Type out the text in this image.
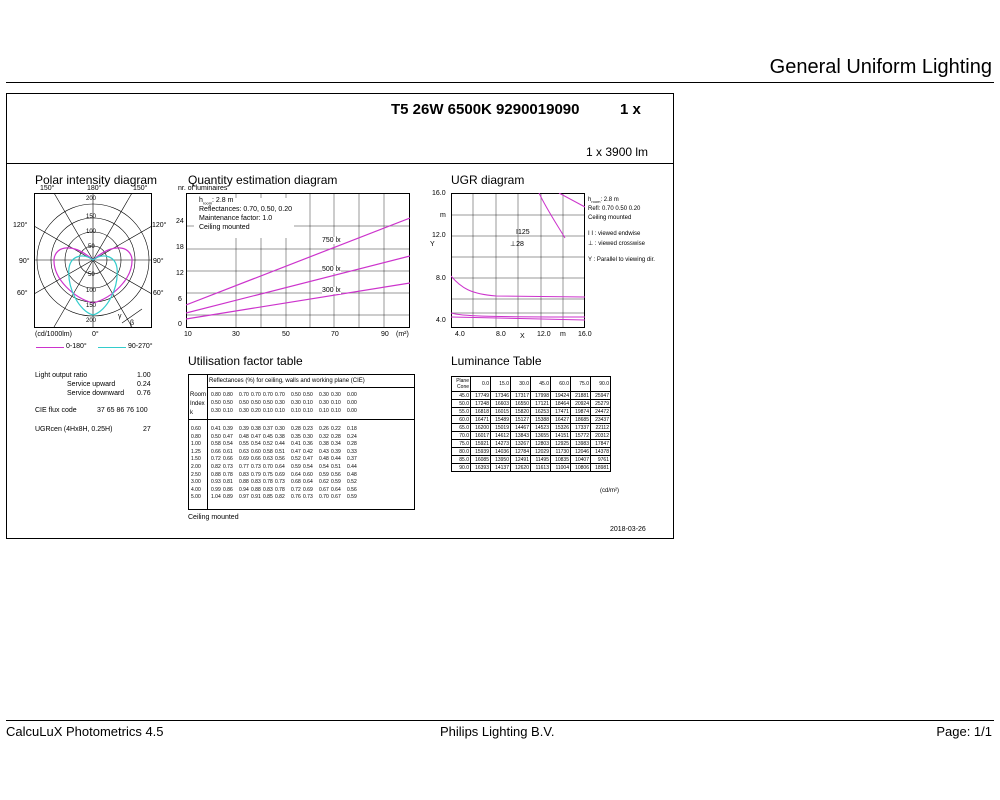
General Uniform Lighting
T5 26W 6500K 9290019090	1 x
1 x 3900 lm
Polar intensity diagram
150°	180°	150°
120°
90°
60°
120°
90°
60°
200
150
100
50
50
100
150
200
γ
β
(cd/1000lm)	0°
0-180°	90-270°
Quantity estimation diagram
nr. of luminaires
$h_{room}$: 2.8 m
Reflectances: 0.70, 0.50, 0.20
Maintenance factor: 1.0
Ceiling mounted
24
18
12
6
0
10	30	50	70	90 (m²)
750 lx
500 lx
300 lx
UGR diagram
16.0
m
12.0
Y
8.0
4.0
4.0	8.0 X 12.0 m 16.0
I125
⊥28
$h_{room}$: 2.8 m
Refl: 0.70 0.50 0.20
Ceiling mounted
I I : viewed endwise
⊥ : viewed crosswise
Y : Parallel to viewing dir.
Light output ratio	1.00
Service upward	0.24
Service downward 0.76
CIE flux code	37 65 86 76 100
UGRcen (4Hx8H, 0.25H)	27
Utilisation factor table
Reflectances (%) for ceiling, walls and working plane (CIE)
Room
Index
k
0.80 0.80 0.70 0.70 0.70 0.70 0.50 0.50 0.30 0.30 0.00
0.50 0.50 0.50 0.50 0.50 0.30 0.30 0.10 0.30 0.10 0.00
0.30 0.10 0.30 0.20 0.10 0.10 0.10 0.10 0.10 0.10 0.00
0.60 0.41 0.39 0.39 0.38 0.37 0.30 0.28 0.23 0.26 0.22 0.18
0.80 0.50 0.47 0.48 0.47 0.45 0.38 0.35 0.30 0.32 0.28 0.24
1.00 0.58 0.54 0.55 0.54 0.52 0.44 0.41 0.36 0.38 0.34 0.28
1.25 0.66 0.61 0.63 0.60 0.58 0.51 0.47 0.42 0.43 0.39 0.33
1.50 0.72 0.66 0.69 0.66 0.63 0.56 0.52 0.47 0.48 0.44 0.37
2.00 0.82 0.73 0.77 0.73 0.70 0.64 0.59 0.54 0.54 0.51 0.44
2.50 0.88 0.78 0.83 0.79 0.75 0.69 0.64 0.60 0.59 0.56 0.48
3.00 0.93 0.81 0.88 0.83 0.78 0.73 0.68 0.64 0.62 0.59 0.52
4.00 0.99 0.86 0.94 0.88 0.83 0.78 0.72 0.69 0.67 0.64 0.56
5.00 1.04 0.89 0.97 0.91 0.85 0.82 0.76 0.73 0.70 0.67 0.59
Ceiling mounted
Luminance Table
Plane
Cone	0.0	15.0	30.0	45.0	60.0	75.0	90.0
45.0	17749	17346	17317	17998	19424	21881	25947
50.0	17248	16603	16550	17121	18464	20924	25279
55.0	16818	16015	15820	16253	17471	19874	24472
60.0	16471	15489	15127	15388	16427	18685	23437
65.0	16200	15019	14467	14523	15326	17337	22112
70.0	16017	14612	13843	13655	14151	15772	20312
75.0	15921	14273	13267	12803	12925	13983	17847
80.0	15939	14036	12784	12029	11730	12046	14378
85.0	16085	13950	12491	11495	10835	10407	9761
90.0	16393	14137	12620	11613	11004	10806	18981
(cd/m²)
2018-03-26
CalcuLuX Photometrics 4.5	Philips Lighting B.V.	Page: 1/1
